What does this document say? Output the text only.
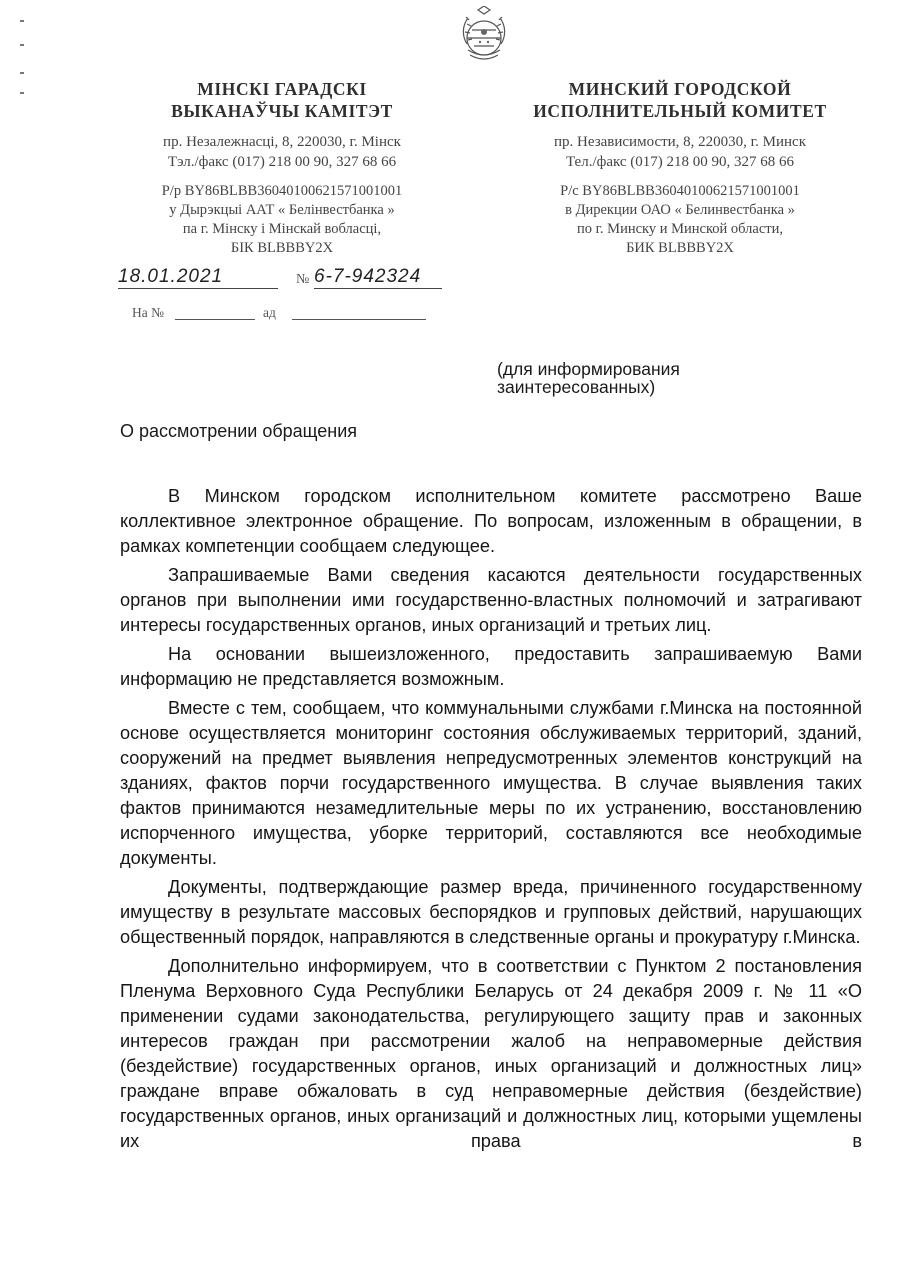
МІНСКІ ГАРАДСКІ
ВЫКАНАЎЧЫ КАМІТЭТ
пр. Незалежнасці, 8, 220030, г. Мінск
Тэл./факс (017) 218 00 90, 327 68 66
Р/р BY86BLBB36040100621571001001
у Дырэкцыі ААТ « Белінвестбанка »
па г. Мінску і Мінскай вобласці,
БІК BLBBBY2X
МИНСКИЙ ГОРОДСКОЙ
ИСПОЛНИТЕЛЬНЫЙ КОМИТЕТ
пр. Независимости, 8, 220030, г. Минск
Тел./факс (017) 218 00 90, 327 68 66
Р/с BY86BLBB36040100621571001001
в Дирекции ОАО « Белинвестбанка »
по г. Минску и Минской области,
БИК BLBBBY2X
18.01.2021	№ 6-7-942324
На №	ад
(для информирования
заинтересованных)
О рассмотрении обращения

В Минском городском исполнительном комитете рассмотрено Ваше коллективное электронное обращение. По вопросам, изложенным в обращении, в рамках компетенции сообщаем следующее.

Запрашиваемые Вами сведения касаются деятельности государственных органов при выполнении ими государственно-властных полномочий и затрагивают интересы государственных органов, иных организаций и третьих лиц.

На основании вышеизложенного, предоставить запрашиваемую Вами информацию не представляется возможным.

Вместе с тем, сообщаем, что коммунальными службами г.Минска на постоянной основе осуществляется мониторинг состояния обслуживаемых территорий, зданий, сооружений на предмет выявления непредусмотренных элементов конструкций на зданиях, фактов порчи государственного имущества. В случае выявления таких фактов принимаются незамедлительные меры по их устранению, восстановлению испорченного имущества, уборке территорий, составляются все необходимые документы.

Документы, подтверждающие размер вреда, причиненного государственному имуществу в результате массовых беспорядков и групповых действий, нарушающих общественный порядок, направляются в следственные органы и прокуратуру г.Минска.

Дополнительно информируем, что в соответствии с Пунктом 2 постановления Пленума Верховного Суда Республики Беларусь от 24 декабря 2009 г. № 11 «О применении судами законодательства, регулирующего защиту прав и законных интересов граждан при рассмотрении жалоб на неправомерные действия (бездействие) государственных органов, иных организаций и должностных лиц» граждане вправе обжаловать в суд неправомерные действия (бездействие) государственных органов, иных организаций и должностных лиц, которыми ущемлены их права в
